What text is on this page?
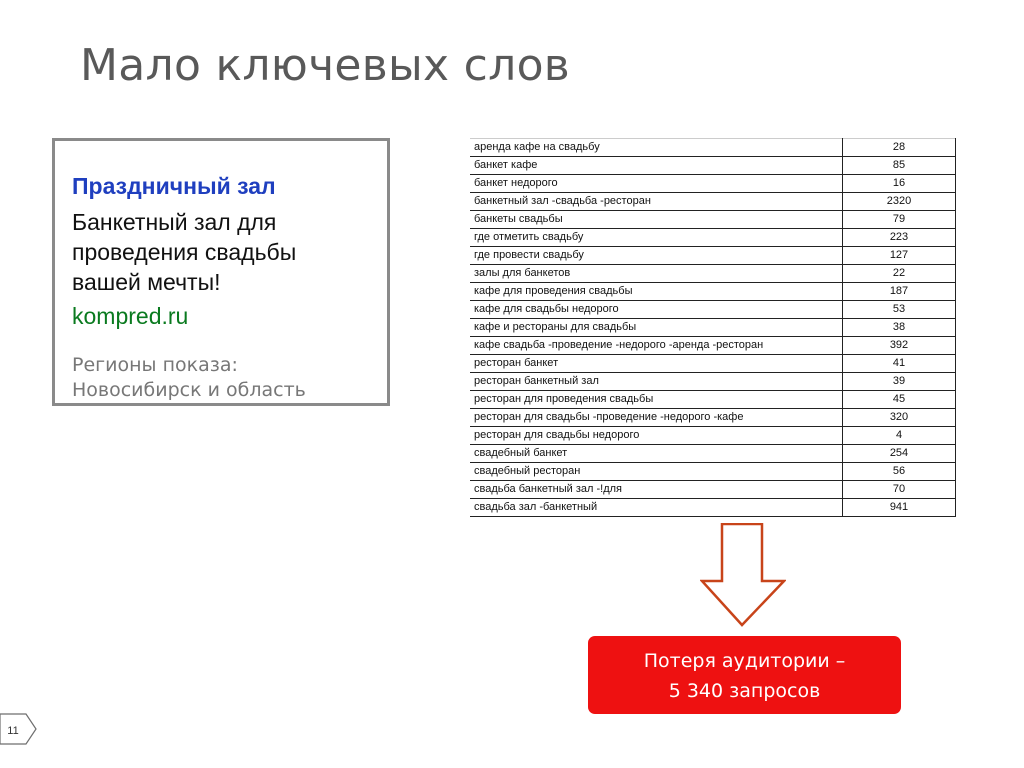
Мало ключевых слов
Праздничный зал
Банкетный зал для
проведения свадьбы
вашей мечты!
kompred.ru
Регионы показа:
Новосибирск и область
аренда кафе на свадьбу	28
банкет кафе	85
банкет недорого	16
банкетный зал -свадьба -ресторан	2320
банкеты свадьбы	79
где отметить свадьбу	223
где провести свадьбу	127
залы для банкетов	22
кафе для проведения свадьбы	187
кафе для свадьбы недорого	53
кафе и рестораны для свадьбы	38
кафе свадьба -проведение -недорого -аренда -ресторан	392
ресторан банкет	41
ресторан банкетный зал	39
ресторан для проведения свадьбы	45
ресторан для свадьбы -проведение -недорого -кафе	320
ресторан для свадьбы недорого	4
свадебный банкет	254
свадебный ресторан	56
свадьба банкетный зал -!для	70
свадьба зал -банкетный	941
Потеря аудитории –
5 340 запросов
11
